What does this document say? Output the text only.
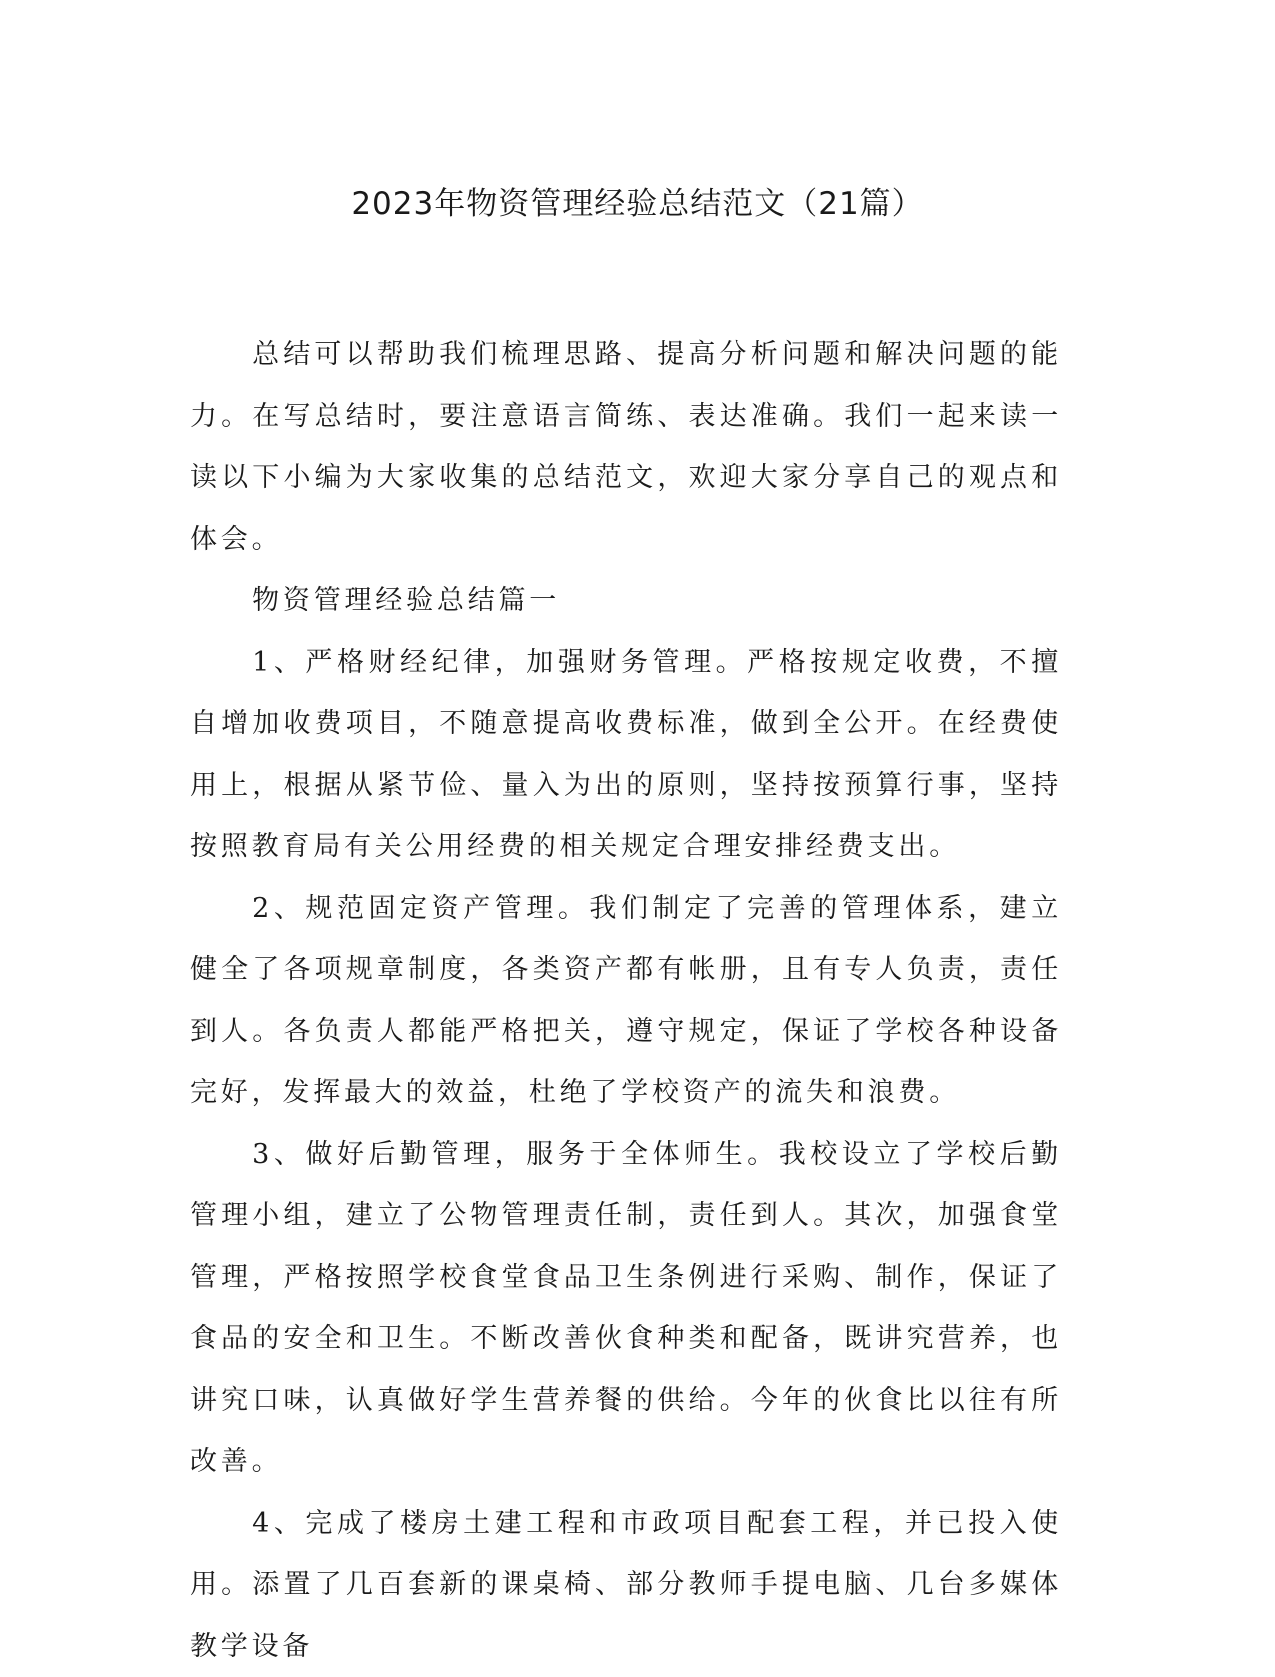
2023年物资管理经验总结范文（21篇）

总结可以帮助我们梳理思路、提高分析问题和解决问题的能力。在写总结时，要注意语言简练、表达准确。我们一起来读一读以下小编为大家收集的总结范文，欢迎大家分享自己的观点和体会。

物资管理经验总结篇一

1、严格财经纪律，加强财务管理。严格按规定收费，不擅自增加收费项目，不随意提高收费标准，做到全公开。在经费使用上，根据从紧节俭、量入为出的原则，坚持按预算行事，坚持按照教育局有关公用经费的相关规定合理安排经费支出。

2、规范固定资产管理。我们制定了完善的管理体系，建立健全了各项规章制度，各类资产都有帐册，且有专人负责，责任到人。各负责人都能严格把关，遵守规定，保证了学校各种设备完好，发挥最大的效益，杜绝了学校资产的流失和浪费。

3、做好后勤管理，服务于全体师生。我校设立了学校后勤管理小组，建立了公物管理责任制，责任到人。其次，加强食堂管理，严格按照学校食堂食品卫生条例进行采购、制作，保证了食品的安全和卫生。不断改善伙食种类和配备，既讲究营养，也讲究口味，认真做好学生营养餐的供给。今年的伙食比以往有所改善。

4、完成了楼房土建工程和市政项目配套工程，并已投入使用。添置了几百套新的课桌椅、部分教师手提电脑、几台多媒体教学设备
